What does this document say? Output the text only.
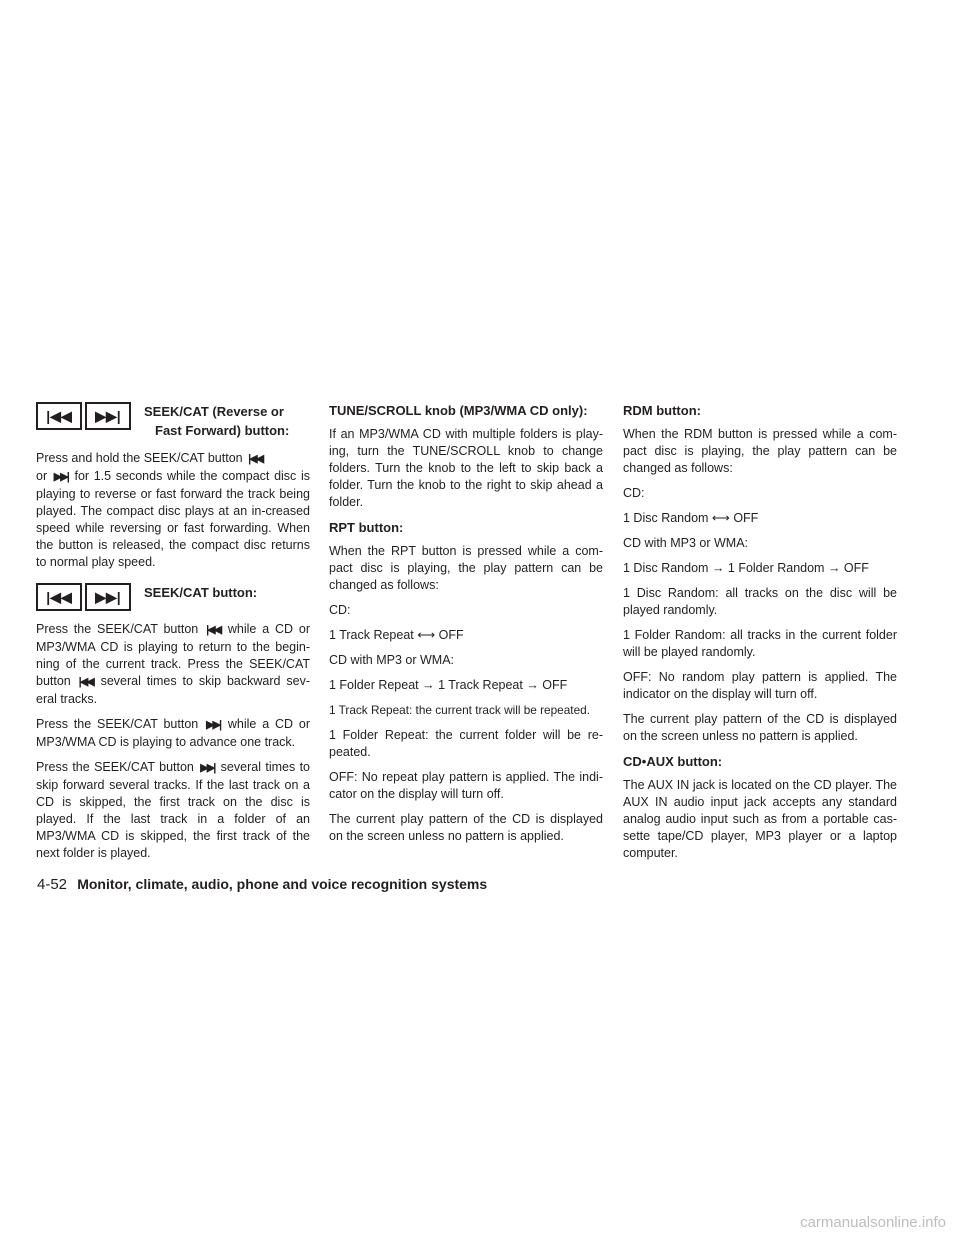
|◀◀	▶▶|	SEEK/CAT (Reverse or
Fast Forward) button:

Press and hold the SEEK/CAT button |◀◀
or ▶▶| for 1.5 seconds while the compact disc is playing to reverse or fast forward the track being played. The compact disc plays at an in-creased speed while reversing or fast forwarding. When the button is released, the compact disc returns to normal play speed.

|◀◀	▶▶|	SEEK/CAT button:

Press the SEEK/CAT button |◀◀ while a CD or MP3/WMA CD is playing to return to the begin-ning of the current track. Press the SEEK/CAT button |◀◀ several times to skip backward sev-eral tracks.

Press the SEEK/CAT button ▶▶| while a CD or MP3/WMA CD is playing to advance one track.

Press the SEEK/CAT button ▶▶| several times to skip forward several tracks. If the last track on a CD is skipped, the first track on the disc is played. If the last track in a folder of an MP3/WMA CD is skipped, the first track of the next folder is played.

TUNE/SCROLL knob (MP3/WMA CD only):

If an MP3/WMA CD with multiple folders is play-ing, turn the TUNE/SCROLL knob to change folders. Turn the knob to the left to skip back a folder. Turn the knob to the right to skip ahead a folder.

RPT button:

When the RPT button is pressed while a com-pact disc is playing, the play pattern can be changed as follows:

CD:

1 Track Repeat ⟷ OFF

CD with MP3 or WMA:

1 Folder Repeat → 1 Track Repeat → OFF

1 Track Repeat: the current track will be repeated.

1 Folder Repeat: the current folder will be re-peated.

OFF: No repeat play pattern is applied. The indi-cator on the display will turn off.

The current play pattern of the CD is displayed on the screen unless no pattern is applied.

RDM button:

When the RDM button is pressed while a com-pact disc is playing, the play pattern can be changed as follows:

CD:

1 Disc Random ⟷ OFF

CD with MP3 or WMA:

1 Disc Random → 1 Folder Random → OFF

1 Disc Random: all tracks on the disc will be played randomly.

1 Folder Random: all tracks in the current folder will be played randomly.

OFF: No random play pattern is applied. The indicator on the display will turn off.

The current play pattern of the CD is displayed on the screen unless no pattern is applied.

CD•AUX button:

The AUX IN jack is located on the CD player. The AUX IN audio input jack accepts any standard analog audio input such as from a portable cas-sette tape/CD player, MP3 player or a laptop computer.

4-52 Monitor, climate, audio, phone and voice recognition systems
carmanualsonline.info
